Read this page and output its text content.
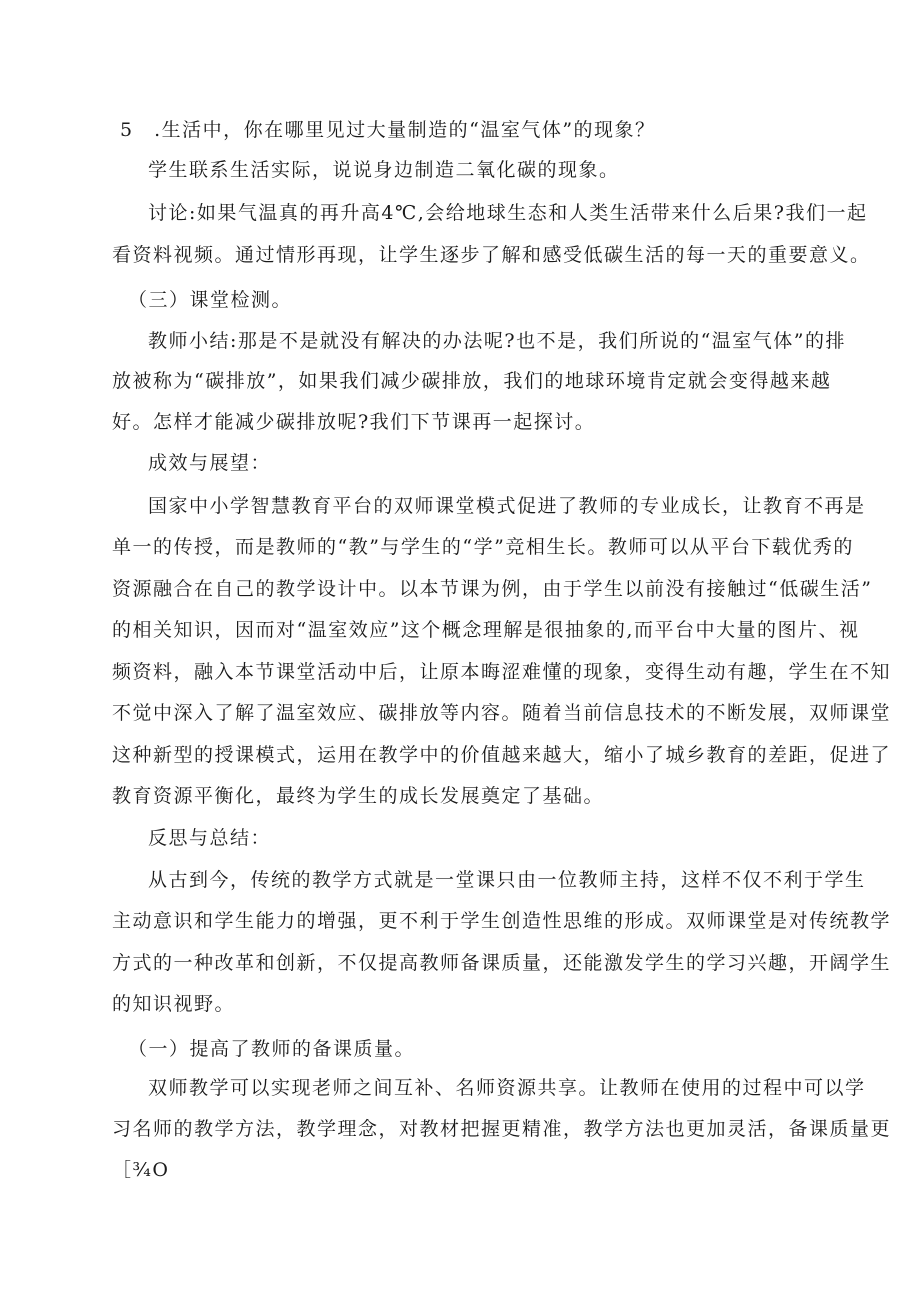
5　.生活中，你在哪里见过大量制造的“温室气体”的现象？
学生联系生活实际，说说身边制造二氧化碳的现象。
讨论:如果气温真的再升高4℃,会给地球生态和人类生活带来什么后果?我们一起
看资料视频。通过情形再现，让学生逐步了解和感受低碳生活的每一天的重要意义。
（三）课堂检测。
教师小结:那是不是就没有解决的办法呢?也不是，我们所说的“温室气体”的排
放被称为“碳排放”，如果我们减少碳排放，我们的地球环境肯定就会变得越来越
好。怎样才能减少碳排放呢?我们下节课再一起探讨。
成效与展望：
国家中小学智慧教育平台的双师课堂模式促进了教师的专业成长，让教育不再是
单一的传授，而是教师的“教”与学生的“学”竞相生长。教师可以从平台下载优秀的
资源融合在自己的教学设计中。以本节课为例，由于学生以前没有接触过“低碳生活”
的相关知识，因而对“温室效应”这个概念理解是很抽象的,而平台中大量的图片、视
频资料，融入本节课堂活动中后，让原本晦涩难懂的现象，变得生动有趣，学生在不知
不觉中深入了解了温室效应、碳排放等内容。随着当前信息技术的不断发展，双师课堂
这种新型的授课模式，运用在教学中的价值越来越大，缩小了城乡教育的差距，促进了
教育资源平衡化，最终为学生的成长发展奠定了基础。
反思与总结：
从古到今，传统的教学方式就是一堂课只由一位教师主持，这样不仅不利于学生
主动意识和学生能力的增强，更不利于学生创造性思维的形成。双师课堂是对传统教学
方式的一种改革和创新，不仅提高教师备课质量，还能激发学生的学习兴趣，开阔学生
的知识视野。
（一）提高了教师的备课质量。
双师教学可以实现老师之间互补、名师资源共享。让教师在使用的过程中可以学
习名师的教学方法，教学理念，对教材把握更精准，教学方法也更加灵活，备课质量更
［¾O
